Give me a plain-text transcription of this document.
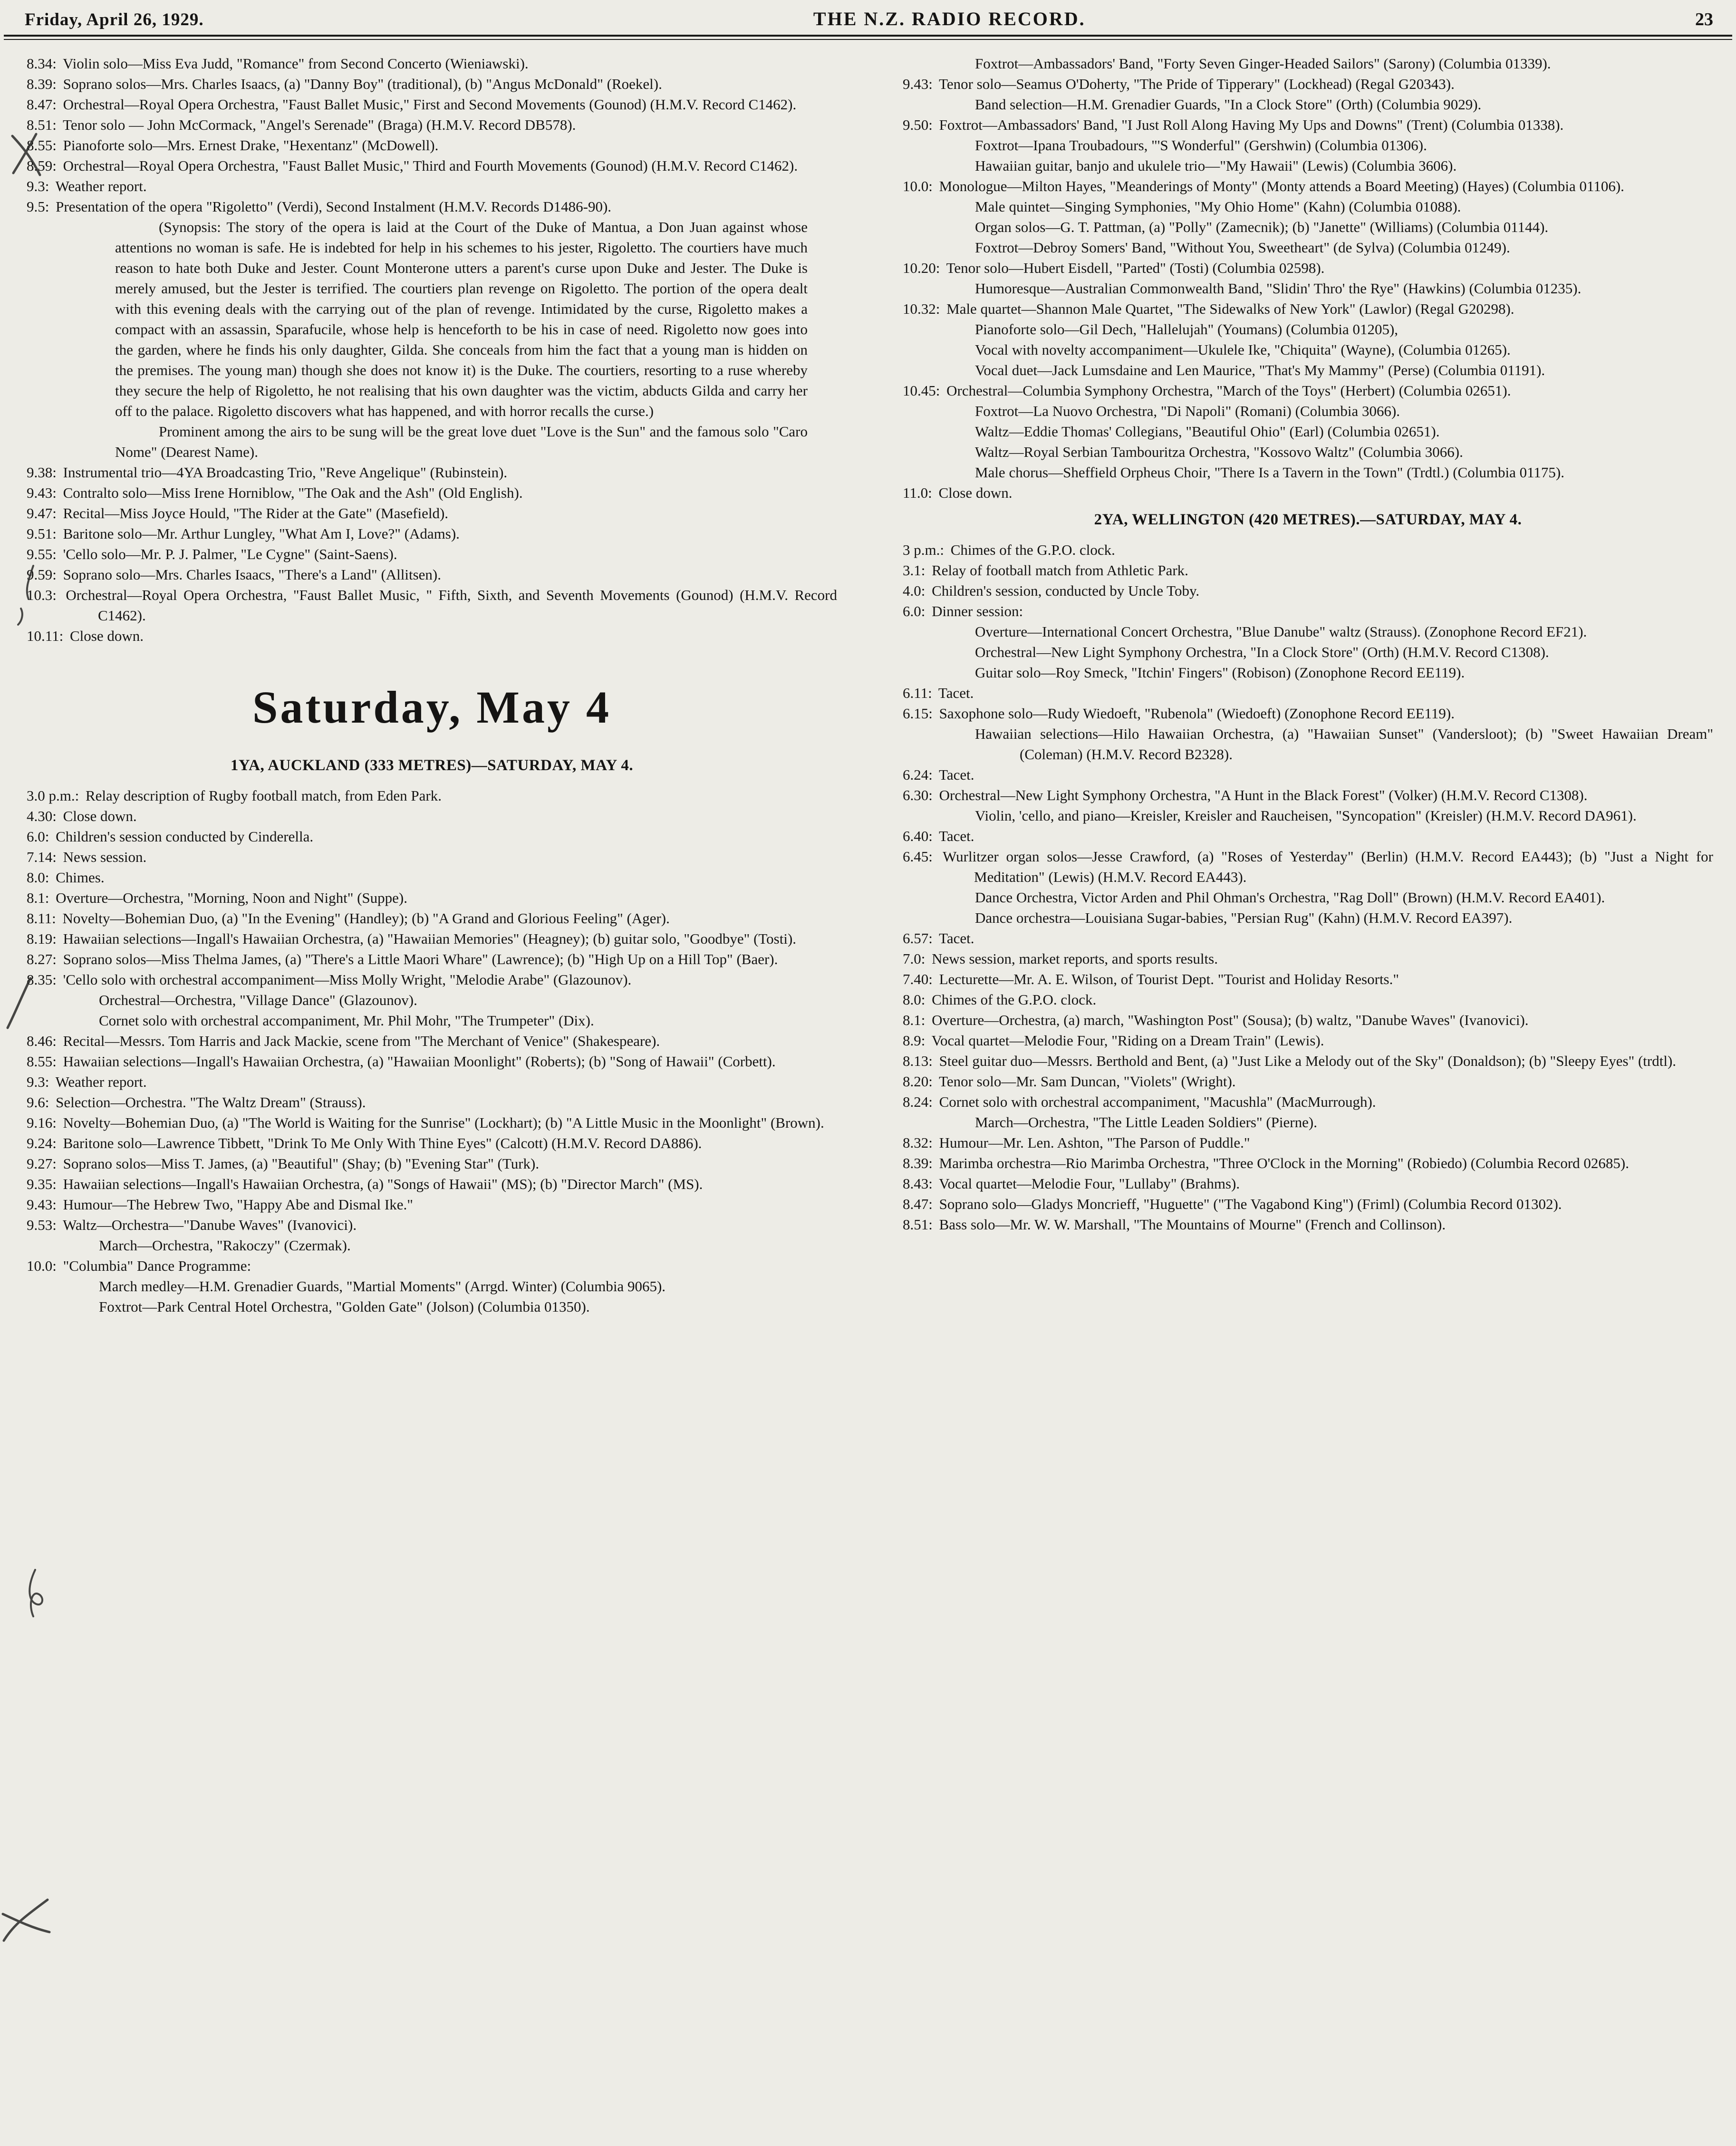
Friday, April 26, 1929.	THE N.Z. RADIO RECORD.	23
8.34: Violin solo—Miss Eva Judd, "Romance" from Second Concerto (Wieniawski).
8.39: Soprano solos—Mrs. Charles Isaacs, (a) "Danny Boy" (traditional), (b) "Angus McDonald" (Roekel).
8.47: Orchestral—Royal Opera Orchestra, "Faust Ballet Music," First and Second Movements (Gounod) (H.M.V. Record C1462).
8.51: Tenor solo — John McCormack, "Angel's Serenade" (Braga) (H.M.V. Record DB578).
8.55: Pianoforte solo—Mrs. Ernest Drake, "Hexentanz" (McDowell).
8.59: Orchestral—Royal Opera Orchestra, "Faust Ballet Music," Third and Fourth Movements (Gounod) (H.M.V. Record C1462).
9.3: Weather report.
9.5: Presentation of the opera "Rigoletto" (Verdi), Second Instalment (H.M.V. Records D1486-90).
(Synopsis: The story of the opera is laid at the Court of the Duke of Mantua, a Don Juan against whose attentions no woman is safe. He is indebted for help in his schemes to his jester, Rigoletto. The courtiers have much reason to hate both Duke and Jester. Count Monterone utters a parent's curse upon Duke and Jester. The Duke is merely amused, but the Jester is terrified. The courtiers plan revenge on Rigoletto. The portion of the opera dealt with this evening deals with the carrying out of the plan of revenge. Intimidated by the curse, Rigoletto makes a compact with an assassin, Sparafucile, whose help is henceforth to be his in case of need. Rigoletto now goes into the garden, where he finds his only daughter, Gilda. She conceals from him the fact that a young man is hidden on the premises. The young man) though she does not know it) is the Duke. The courtiers, resorting to a ruse whereby they secure the help of Rigoletto, he not realising that his own daughter was the victim, abducts Gilda and carry her off to the palace. Rigoletto discovers what has happened, and with horror recalls the curse.)
Prominent among the airs to be sung will be the great love duet "Love is the Sun" and the famous solo "Caro Nome" (Dearest Name).
9.38: Instrumental trio—4YA Broadcasting Trio, "Reve Angelique" (Rubinstein).
9.43: Contralto solo—Miss Irene Horniblow, "The Oak and the Ash" (Old English).
9.47: Recital—Miss Joyce Hould, "The Rider at the Gate" (Masefield).
9.51: Baritone solo—Mr. Arthur Lungley, "What Am I, Love?" (Adams).
9.55: 'Cello solo—Mr. P. J. Palmer, "Le Cygne" (Saint-Saens).
9.59: Soprano solo—Mrs. Charles Isaacs, "There's a Land" (Allitsen).
10.3: Orchestral—Royal Opera Orchestra, "Faust Ballet Music, " Fifth, Sixth, and Seventh Movements (Gounod) (H.M.V. Record C1462).
10.11: Close down.
Saturday, May 4
1YA, AUCKLAND (333 METRES)—SATURDAY, MAY 4.
3.0 p.m.: Relay description of Rugby football match, from Eden Park.
4.30: Close down.
6.0: Children's session conducted by Cinderella.
7.14: News session.
8.0: Chimes.
8.1: Overture—Orchestra, "Morning, Noon and Night" (Suppe).
8.11: Novelty—Bohemian Duo, (a) "In the Evening" (Handley); (b) "A Grand and Glorious Feeling" (Ager).
8.19: Hawaiian selections—Ingall's Hawaiian Orchestra, (a) "Hawaiian Memories" (Heagney); (b) guitar solo, "Goodbye" (Tosti).
8.27: Soprano solos—Miss Thelma James, (a) "There's a Little Maori Whare" (Lawrence); (b) "High Up on a Hill Top" (Baer).
8.35: 'Cello solo with orchestral accompaniment—Miss Molly Wright, "Melodie Arabe" (Glazounov).
Orchestral—Orchestra, "Village Dance" (Glazounov).
Cornet solo with orchestral accompaniment, Mr. Phil Mohr, "The Trumpeter" (Dix).
8.46: Recital—Messrs. Tom Harris and Jack Mackie, scene from "The Merchant of Venice" (Shakespeare).
8.55: Hawaiian selections—Ingall's Hawaiian Orchestra, (a) "Hawaiian Moonlight" (Roberts); (b) "Song of Hawaii" (Corbett).
9.3: Weather report.
9.6: Selection—Orchestra. "The Waltz Dream" (Strauss).
9.16: Novelty—Bohemian Duo, (a) "The World is Waiting for the Sunrise" (Lockhart); (b) "A Little Music in the Moonlight" (Brown).
9.24: Baritone solo—Lawrence Tibbett, "Drink To Me Only With Thine Eyes" (Calcott) (H.M.V. Record DA886).
9.27: Soprano solos—Miss T. James, (a) "Beautiful" (Shay; (b) "Evening Star" (Turk).
9.35: Hawaiian selections—Ingall's Hawaiian Orchestra, (a) "Songs of Hawaii" (MS); (b) "Director March" (MS).
9.43: Humour—The Hebrew Two, "Happy Abe and Dismal Ike."
9.53: Waltz—Orchestra—"Danube Waves" (Ivanovici).
March—Orchestra, "Rakoczy" (Czermak).
10.0: "Columbia" Dance Programme:
March medley—H.M. Grenadier Guards, "Martial Moments" (Arrgd. Winter) (Columbia 9065).
Foxtrot—Park Central Hotel Orchestra, "Golden Gate" (Jolson) (Columbia 01350).
Foxtrot—Ambassadors' Band, "Forty Seven Ginger-Headed Sailors" (Sarony) (Columbia 01339).
9.43: Tenor solo—Seamus O'Doherty, "The Pride of Tipperary" (Lockhead) (Regal G20343).
Band selection—H.M. Grenadier Guards, "In a Clock Store" (Orth) (Columbia 9029).
9.50: Foxtrot—Ambassadors' Band, "I Just Roll Along Having My Ups and Downs" (Trent) (Columbia 01338).
Foxtrot—Ipana Troubadours, "'S Wonderful" (Gershwin) (Columbia 01306).
Hawaiian guitar, banjo and ukulele trio—"My Hawaii" (Lewis) (Columbia 3606).
10.0: Monologue—Milton Hayes, "Meanderings of Monty" (Monty attends a Board Meeting) (Hayes) (Columbia 01106).
Male quintet—Singing Symphonies, "My Ohio Home" (Kahn) (Columbia 01088).
Organ solos—G. T. Pattman, (a) "Polly" (Zamecnik); (b) "Janette" (Williams) (Columbia 01144).
Foxtrot—Debroy Somers' Band, "Without You, Sweetheart" (de Sylva) (Columbia 01249).
10.20: Tenor solo—Hubert Eisdell, "Parted" (Tosti) (Columbia 02598).
Humoresque—Australian Commonwealth Band, "Slidin' Thro' the Rye" (Hawkins) (Columbia 01235).
10.32: Male quartet—Shannon Male Quartet, "The Sidewalks of New York" (Lawlor) (Regal G20298).
Pianoforte solo—Gil Dech, "Hallelujah" (Youmans) (Columbia 01205),
Vocal with novelty accompaniment—Ukulele Ike, "Chiquita" (Wayne), (Columbia 01265).
Vocal duet—Jack Lumsdaine and Len Maurice, "That's My Mammy" (Perse) (Columbia 01191).
10.45: Orchestral—Columbia Symphony Orchestra, "March of the Toys" (Herbert) (Columbia 02651).
Foxtrot—La Nuovo Orchestra, "Di Napoli" (Romani) (Columbia 3066).
Waltz—Eddie Thomas' Collegians, "Beautiful Ohio" (Earl) (Columbia 02651).
Waltz—Royal Serbian Tambouritza Orchestra, "Kossovo Waltz" (Columbia 3066).
Male chorus—Sheffield Orpheus Choir, "There Is a Tavern in the Town" (Trdtl.) (Columbia 01175).
11.0: Close down.
2YA, WELLINGTON (420 METRES).—SATURDAY, MAY 4.
3 p.m.: Chimes of the G.P.O. clock.
3.1: Relay of football match from Athletic Park.
4.0: Children's session, conducted by Uncle Toby.
6.0: Dinner session:
Overture—International Concert Orchestra, "Blue Danube" waltz (Strauss). (Zonophone Record EF21).
Orchestral—New Light Symphony Orchestra, "In a Clock Store" (Orth) (H.M.V. Record C1308).
Guitar solo—Roy Smeck, "Itchin' Fingers" (Robison) (Zonophone Record EE119).
6.11: Tacet.
6.15: Saxophone solo—Rudy Wiedoeft, "Rubenola" (Wiedoeft) (Zonophone Record EE119).
Hawaiian selections—Hilo Hawaiian Orchestra, (a) "Hawaiian Sunset" (Vandersloot); (b) "Sweet Hawaiian Dream" (Coleman) (H.M.V. Record B2328).
6.24: Tacet.
6.30: Orchestral—New Light Symphony Orchestra, "A Hunt in the Black Forest" (Volker) (H.M.V. Record C1308).
Violin, 'cello, and piano—Kreisler, Kreisler and Raucheisen, "Syncopation" (Kreisler) (H.M.V. Record DA961).
6.40: Tacet.
6.45: Wurlitzer organ solos—Jesse Crawford, (a) "Roses of Yesterday" (Berlin) (H.M.V. Record EA443); (b) "Just a Night for Meditation" (Lewis) (H.M.V. Record EA443).
Dance Orchestra, Victor Arden and Phil Ohman's Orchestra, "Rag Doll" (Brown) (H.M.V. Record EA401).
Dance orchestra—Louisiana Sugar-babies, "Persian Rug" (Kahn) (H.M.V. Record EA397).
6.57: Tacet.
7.0: News session, market reports, and sports results.
7.40: Lecturette—Mr. A. E. Wilson, of Tourist Dept. "Tourist and Holiday Resorts."
8.0: Chimes of the G.P.O. clock.
8.1: Overture—Orchestra, (a) march, "Washington Post" (Sousa); (b) waltz, "Danube Waves" (Ivanovici).
8.9: Vocal quartet—Melodie Four, "Riding on a Dream Train" (Lewis).
8.13: Steel guitar duo—Messrs. Berthold and Bent, (a) "Just Like a Melody out of the Sky" (Donaldson); (b) "Sleepy Eyes" (trdtl).
8.20: Tenor solo—Mr. Sam Duncan, "Violets" (Wright).
8.24: Cornet solo with orchestral accompaniment, "Macushla" (MacMurrough).
March—Orchestra, "The Little Leaden Soldiers" (Pierne).
8.32: Humour—Mr. Len. Ashton, "The Parson of Puddle."
8.39: Marimba orchestra—Rio Marimba Orchestra, "Three O'Clock in the Morning" (Robiedo) (Columbia Record 02685).
8.43: Vocal quartet—Melodie Four, "Lullaby" (Brahms).
8.47: Soprano solo—Gladys Moncrieff, "Huguette" ("The Vagabond King") (Friml) (Columbia Record 01302).
8.51: Bass solo—Mr. W. W. Marshall, "The Mountains of Mourne" (French and Collinson).
